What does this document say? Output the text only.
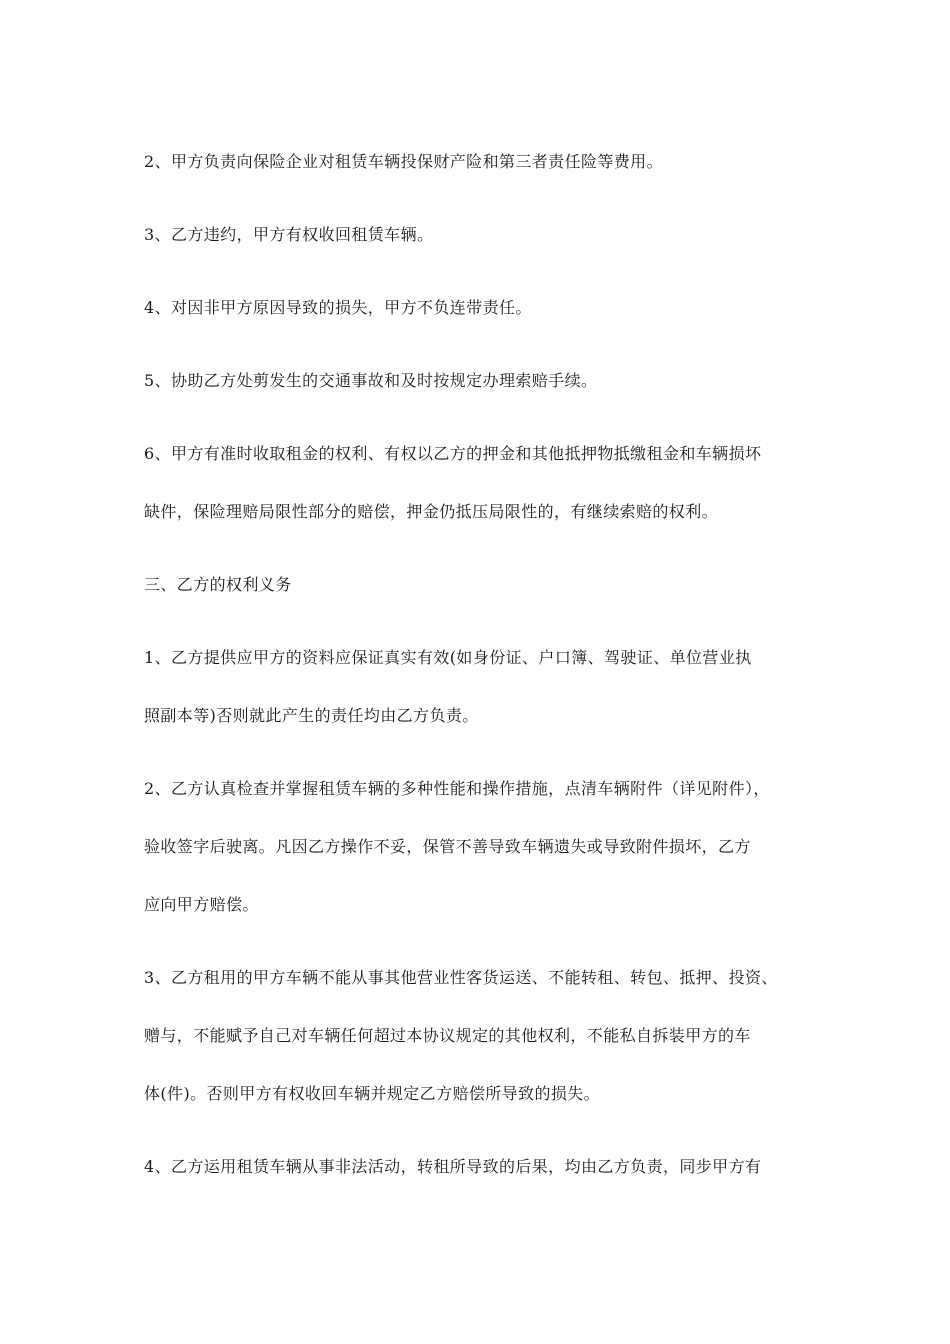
2、甲方负责向保险企业对租赁车辆投保财产险和第三者责任险等费用。
3、乙方违约，甲方有权收回租赁车辆。
4、对因非甲方原因导致的损失，甲方不负连带责任。
5、协助乙方处剪发生的交通事故和及时按规定办理索赔手续。
6、甲方有准时收取租金的权利、有权以乙方的押金和其他抵押物抵缴租金和车辆损坏
缺件，保险理赔局限性部分的赔偿，押金仍抵压局限性的，有继续索赔的权利。
三、乙方的权利义务
1、乙方提供应甲方的资料应保证真实有效(如身份证、户口簿、驾驶证、单位营业执
照副本等)否则就此产生的责任均由乙方负责。
2、乙方认真检查并掌握租赁车辆的多种性能和操作措施，点清车辆附件（详见附件），
验收签字后驶离。凡因乙方操作不妥，保管不善导致车辆遗失或导致附件损坏，乙方
应向甲方赔偿。
3、乙方租用的甲方车辆不能从事其他营业性客货运送、不能转租、转包、抵押、投资、
赠与，不能赋予自己对车辆任何超过本协议规定的其他权利，不能私自拆装甲方的车
体(件)。否则甲方有权收回车辆并规定乙方赔偿所导致的损失。
4、乙方运用租赁车辆从事非法活动，转租所导致的后果，均由乙方负责，同步甲方有
